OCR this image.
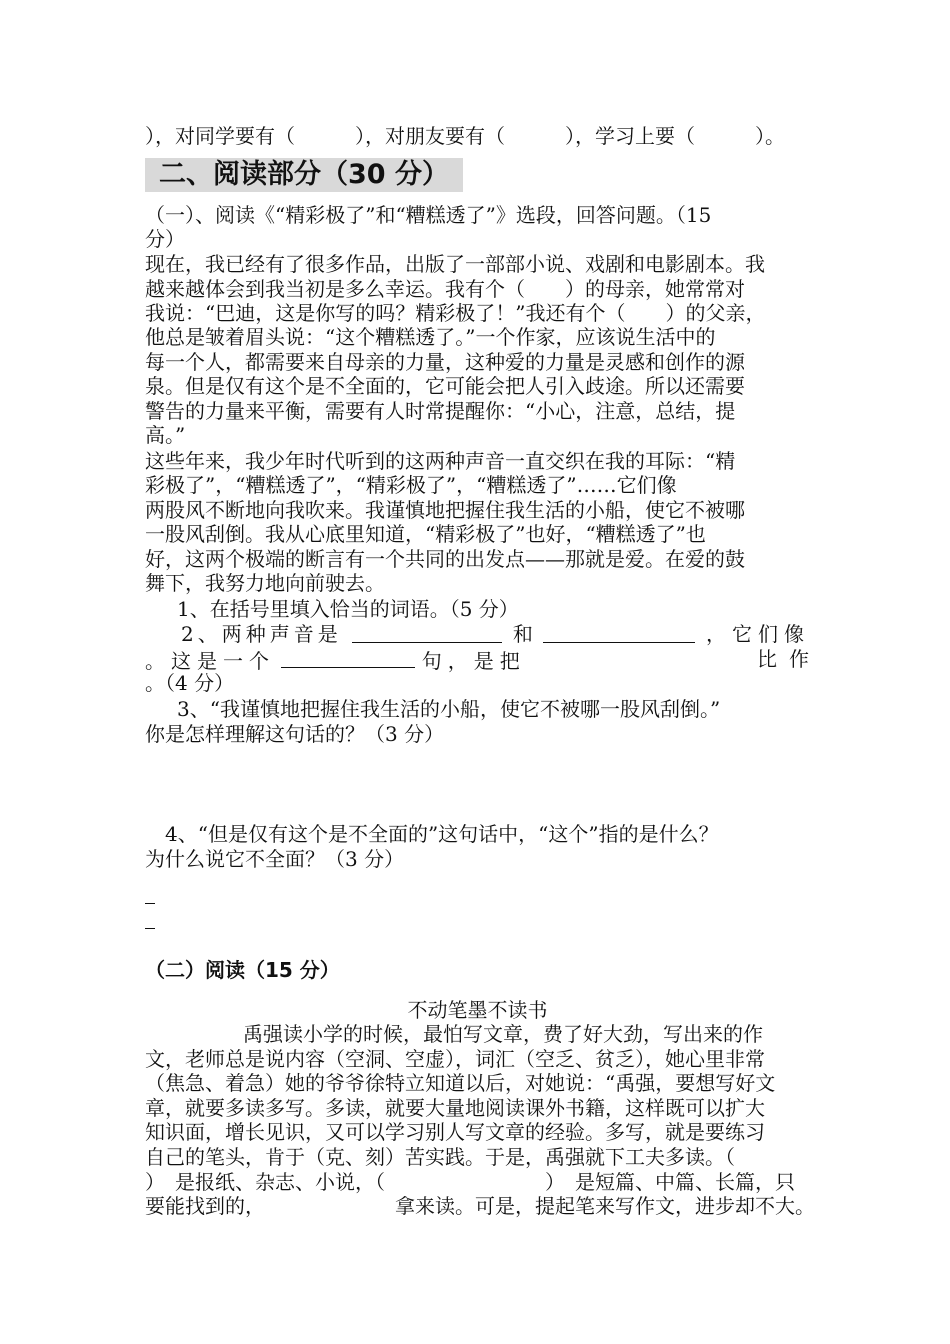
），对同学要有（　　　），对朋友要有（　　　），学习上要（　　　）。
二、阅读部分（30 分）
（一）、阅读《“精彩极了”和“糟糕透了”》选段，回答问题。（15
分）
现在，我已经有了很多作品，出版了一部部小说、戏剧和电影剧本。我
越来越体会到我当初是多么幸运。我有个（　　）的母亲，她常常对
我说：“巴迪，这是你写的吗？精彩极了！”我还有个（　　）的父亲，
他总是皱着眉头说：“这个糟糕透了。”一个作家，应该说生活中的
每一个人，都需要来自母亲的力量，这种爱的力量是灵感和创作的源
泉。但是仅有这个是不全面的，它可能会把人引入歧途。所以还需要
警告的力量来平衡，需要有人时常提醒你：“小心，注意，总结，提
高。”
这些年来，我少年时代听到的这两种声音一直交织在我的耳际：“精
彩极了”，“糟糕透了”，“精彩极了”，“糟糕透了”……它们像
两股风不断地向我吹来。我谨慎地把握住我生活的小船，使它不被哪
一股风刮倒。我从心底里知道，“精彩极了”也好，“糟糕透了”也
好，这两个极端的断言有一个共同的出发点——那就是爱。在爱的鼓
舞下，我努力地向前驶去。
1、在括号里填入恰当的词语。（5 分）
2、两种声音是	和	，它们像
。这是一个	句，是把	比作
。（4 分）
3、“我谨慎地把握住我生活的小船，使它不被哪一股风刮倒。”
你是怎样理解这句话的？（3 分）
4、“但是仅有这个是不全面的”这句话中，“这个”指的是什么？
为什么说它不全面？（3 分）
（二）阅读（15 分）
不动笔墨不读书
禹强读小学的时候，最怕写文章，费了好大劲，写出来的作
文，老师总是说内容（空洞、空虚），词汇（空乏、贫乏），她心里非常
（焦急、着急）她的爷爷徐特立知道以后，对她说：“禹强，要想写好文
章，就要多读多写。多读，就要大量地阅读课外书籍，这样既可以扩大
知识面，增长见识，又可以学习别人写文章的经验。多写，就是要练习
自己的笔头，肯于（克、刻）苦实践。于是，禹强就下工夫多读。（
）　是报纸、杂志、小说，（　　　　　　　　）　是短篇、中篇、长篇，只
要能找到的，　　　　　　　拿来读。可是，提起笔来写作文，进步却不大。
